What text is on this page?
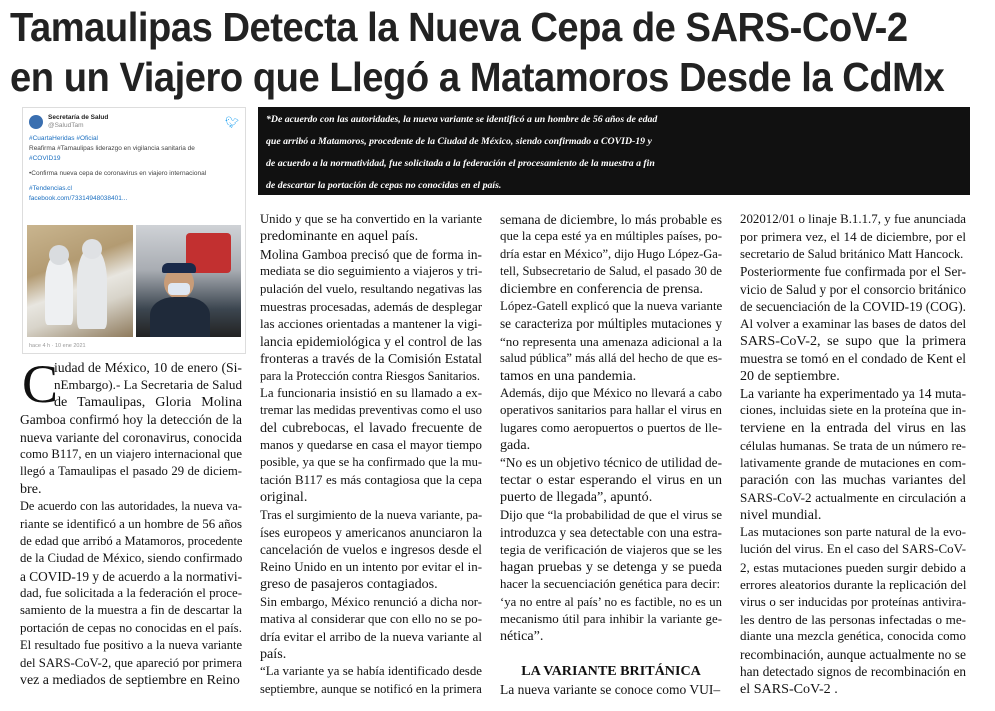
Tamaulipas Detecta la Nueva Cepa de SARS-CoV-2
en un Viajero que Llegó a Matamoros Desde la CdMx
Secretaría de Salud
@SaludTam	🐦︎
#CuartaHeridas #Oficial
Reafirma #Tamaulipas liderazgo en vigilancia sanitaria de
#COVID19
•Confirma nueva cepa de coronavirus en viajero internacional
#Tendencias.cl
facebook.com/73314948038401...
hace 4 h · 10 ene 2021
*De acuerdo con las autoridades, la nueva variante se identificó a un hombre de 56 años de edad
que arribó a Matamoros, procedente de la Ciudad de México, siendo confirmado a COVID-19 y
de acuerdo a la normatividad, fue solicitada a la federación el procesamiento de la muestra a fin
de descartar la portación de cepas no conocidas en el país.
C
iudad de México, 10 de enero (Si-
nEmbargo).- La Secretaria de Salud
de Tamaulipas, Gloria Molina
Gamboa confirmó hoy la detección de la
nueva variante del coronavirus, conocida
como B117, en un viajero internacional que
llegó a Tamaulipas el pasado 29 de diciem-
bre.
De acuerdo con las autoridades, la nueva va-
riante se identificó a un hombre de 56 años
de edad que arribó a Matamoros, procedente
de la Ciudad de México, siendo confirmado
a COVID-19 y de acuerdo a la normativi-
dad, fue solicitada a la federación el proce-
samiento de la muestra a fin de descartar la
portación de cepas no conocidas en el país.
El resultado fue positivo a la nueva variante
del SARS-CoV-2, que apareció por primera
vez a mediados de septiembre en Reino
Unido y que se ha convertido en la variante
predominante en aquel país.
Molina Gamboa precisó que de forma in-
mediata se dio seguimiento a viajeros y tri-
pulación del vuelo, resultando negativas las
muestras procesadas, además de desplegar
las acciones orientadas a mantener la vigi-
lancia epidemiológica y el control de las
fronteras a través de la Comisión Estatal
para la Protección contra Riesgos Sanitarios.
La funcionaria insistió en su llamado a ex-
tremar las medidas preventivas como el uso
del cubrebocas, el lavado frecuente de
manos y quedarse en casa el mayor tiempo
posible, ya que se ha confirmado que la mu-
tación B117 es más contagiosa que la cepa
original.
Tras el surgimiento de la nueva variante, pa-
íses europeos y americanos anunciaron la
cancelación de vuelos e ingresos desde el
Reino Unido en un intento por evitar el in-
greso de pasajeros contagiados.
Sin embargo, México renunció a dicha nor-
mativa al considerar que con ello no se po-
dría evitar el arribo de la nueva variante al
país.
“La variante ya se había identificado desde
septiembre, aunque se notificó en la primera
semana de diciembre, lo más probable es
que la cepa esté ya en múltiples países, po-
dría estar en México”, dijo Hugo López-Ga-
tell, Subsecretario de Salud, el pasado 30 de
diciembre en conferencia de prensa.
López-Gatell explicó que la nueva variante
se caracteriza por múltiples mutaciones y
“no representa una amenaza adicional a la
salud pública” más allá del hecho de que es-
tamos en una pandemia.
Además, dijo que México no llevará a cabo
operativos sanitarios para hallar el virus en
lugares como aeropuertos o puertos de lle-
gada.
“No es un objetivo técnico de utilidad de-
tectar o estar esperando el virus en un
puerto de llegada”, apuntó.
Dijo que “la probabilidad de que el virus se
introduzca y sea detectable con una estra-
tegia de verificación de viajeros que se les
hagan pruebas y se detenga y se pueda
hacer la secuenciación genética para decir:
‘ya no entre al país’ no es factible, no es un
mecanismo útil para inhibir la variante ge-
nética”.
LA VARIANTE BRITÁNICA
La nueva variante se conoce como VUI–
202012/01 o linaje B.1.1.7, y fue anunciada
por primera vez, el 14 de diciembre, por el
secretario de Salud británico Matt Hancock.
Posteriormente fue confirmada por el Ser-
vicio de Salud y por el consorcio británico
de secuenciación de la COVID-19 (COG).
Al volver a examinar las bases de datos del
SARS-CoV-2, se supo que la primera
muestra se tomó en el condado de Kent el
20 de septiembre.
La variante ha experimentado ya 14 muta-
ciones, incluidas siete en la proteína que in-
terviene en la entrada del virus en las
células humanas. Se trata de un número re-
lativamente grande de mutaciones en com-
paración con las muchas variantes del
SARS-CoV-2 actualmente en circulación a
nivel mundial.
Las mutaciones son parte natural de la evo-
lución del virus. En el caso del SARS-CoV-
2, estas mutaciones pueden surgir debido a
errores aleatorios durante la replicación del
virus o ser inducidas por proteínas antivira-
les dentro de las personas infectadas o me-
diante una mezcla genética, conocida como
recombinación, aunque actualmente no se
han detectado signos de recombinación en
el SARS-CoV-2 .
